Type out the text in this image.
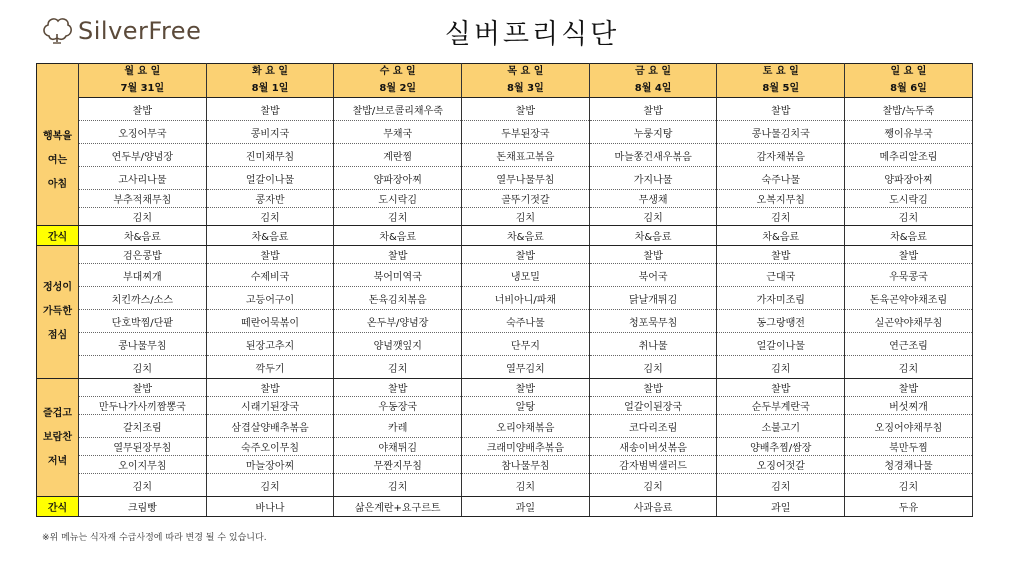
SilverFree	실버프리식단
	월 요 일	화 요 일	수 요 일	목 요 일	금 요 일	토 요 일	일 요 일
	7월 31일	8월 1일	8월 2일	8월 3일	8월 4일	8월 5일	8월 6일

행복을
여는
아침	찰밥	찰밥	찰밥/브로콜리채우죽	찰밥	찰밥	찰밥	찰밥/녹두죽
	오징어무국	콩비지국	무채국	두부된장국	누룽지탕	콩나물김치국	쨍이유부국
	연두부/양념장	진미채무침	계란찜	돈채표고볶음	마늘쫑건새우볶음	감자채볶음	메추리알조림
	고사리나물	얼갈이나물	양파장아찌	열무나물무침	가지나물	숙주나물	양파장아찌
	부추적채무침	콩자반	도시락김	골뚜기젓갈	무생채	오복지무침	도시락김
	김치	김치	김치	김치	김치	김치	김치
간식	차&음료	차&음료	차&음료	차&음료	차&음료	차&음료	차&음료

정성이
가득한
점심	검은콩밥	찰밥	찰밥	찰밥	찰밥	찰밥	찰밥
	부대찌개	수제비국	북어미역국	냉모밀	북어국	근대국	우묵콩국
	치킨까스/소스	고등어구이	돈육김치볶음	너비아니/파채	닭날개튀김	가자미조림	돈육곤약야채조림
	단호박찜/단팥	떼란어묵볶이	온두부/양념장	숙주나물	청포묵무침	동그랑땡전	실곤약야채무침
	콩나물무침	된장고추지	양념깻잎지	단무지	취나물	얼갈이나물	연근조림
	김치	깍두기	김치	열무김치	김치	김치	김치

즐겁고
보람찬
저녁	찰밥	찰밥	찰밥	찰밥	찰밥	찰밥	찰밥
	만두나가사끼짬뽕국	시래기된장국	우동장국	알탕	얼갈이된장국	순두부계란국	버섯찌개
	갈치조림	삼겹살양배추볶음	카레	오리야채볶음	코다리조림	소불고기	오징어야채무침
	열무된장무침	숙주오이무침	야채튀김	크래미양배추볶음	새송이버섯볶음	양배추찜/쌈장	북만두찜
	오이지무침	마늘장아찌	무짠지무침	참나물무침	감자범벅샐러드	오징어젓갈	청경채나물
	김치	김치	김치	김치	김치	김치	김치
간식	크림빵	바나나	삶은계란+요구르트	과일	사과음료	과일	두유
※위 메뉴는 식자재 수급사정에 따라 변경 될 수 있습니다.
